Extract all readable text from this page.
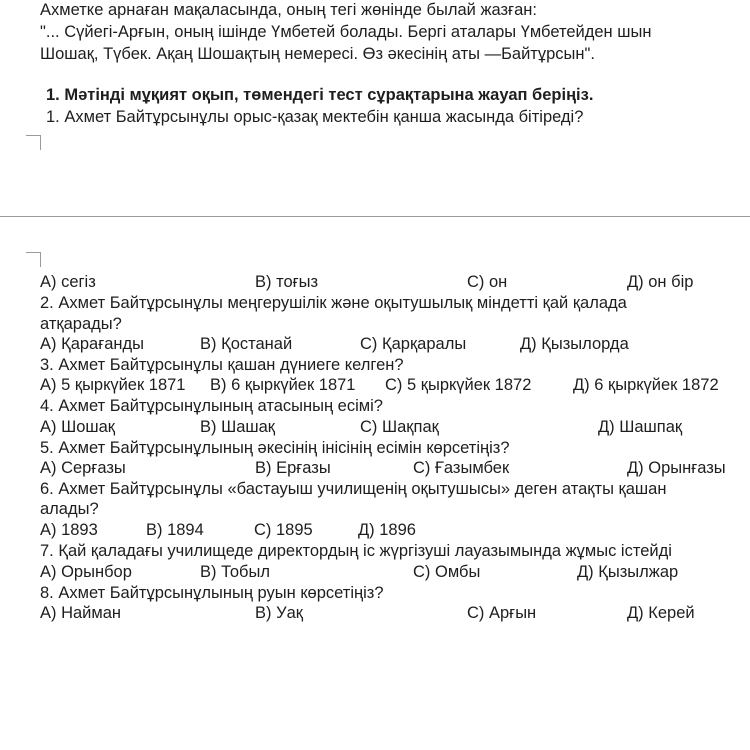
Ахметке арнаған мақаласында, оның тегі жөнінде былай жазған:
"... Сүйегі-Арғын, оның ішінде Үмбетей болады. Бергі аталары Үмбетейден шын
Шошақ, Түбек. Ақаң Шошақтың немересі. Өз әкесінің аты —Байтұрсын".
1. Мәтінді мұқият оқып, төмендегі тест сұрақтарына жауап беріңіз.
1. Ахмет Байтұрсынұлы орыс-қазақ мектебін қанша жасында бітіреді?
А) сегіз	В) тоғыз	С) он	Д) он бір
2. Ахмет Байтұрсынұлы меңгерушілік және оқытушылық міндетті қай қалада
атқарады?
А) Қарағанды	В) Қостанай	С) Қарқаралы	Д) Қызылорда
3. Ахмет Байтұрсынұлы қашан дүниеге келген?
А) 5 қыркүйек 1871 В) 6 қыркүйек 1871 С) 5 қыркүйек 1872	Д) 6 қыркүйек 1872
4. Ахмет Байтұрсынұлының атасының есімі?
А) Шошақ	В) Шашақ	С) Шақпақ	Д) Шашпақ
5. Ахмет Байтұрсынұлының әкесінің інісінің есімін көрсетіңіз?
А) Серғазы	В) Ерғазы	С) Ғазымбек	Д) Орынғазы
6. Ахмет Байтұрсынұлы «бастауыш училищенің оқытушысы» деген атақты қашан
алады?
А) 1893	В) 1894	С) 1895	Д) 1896
7. Қай қаладағы училищеде директордың іс жүргізуші лауазымында жұмыс істейді
А) Орынбор	В) Тобыл	С) Омбы	Д) Қызылжар
8. Ахмет Байтұрсынұлының руын көрсетіңіз?
А) Найман	В) Уақ	С) Арғын	Д) Керей
